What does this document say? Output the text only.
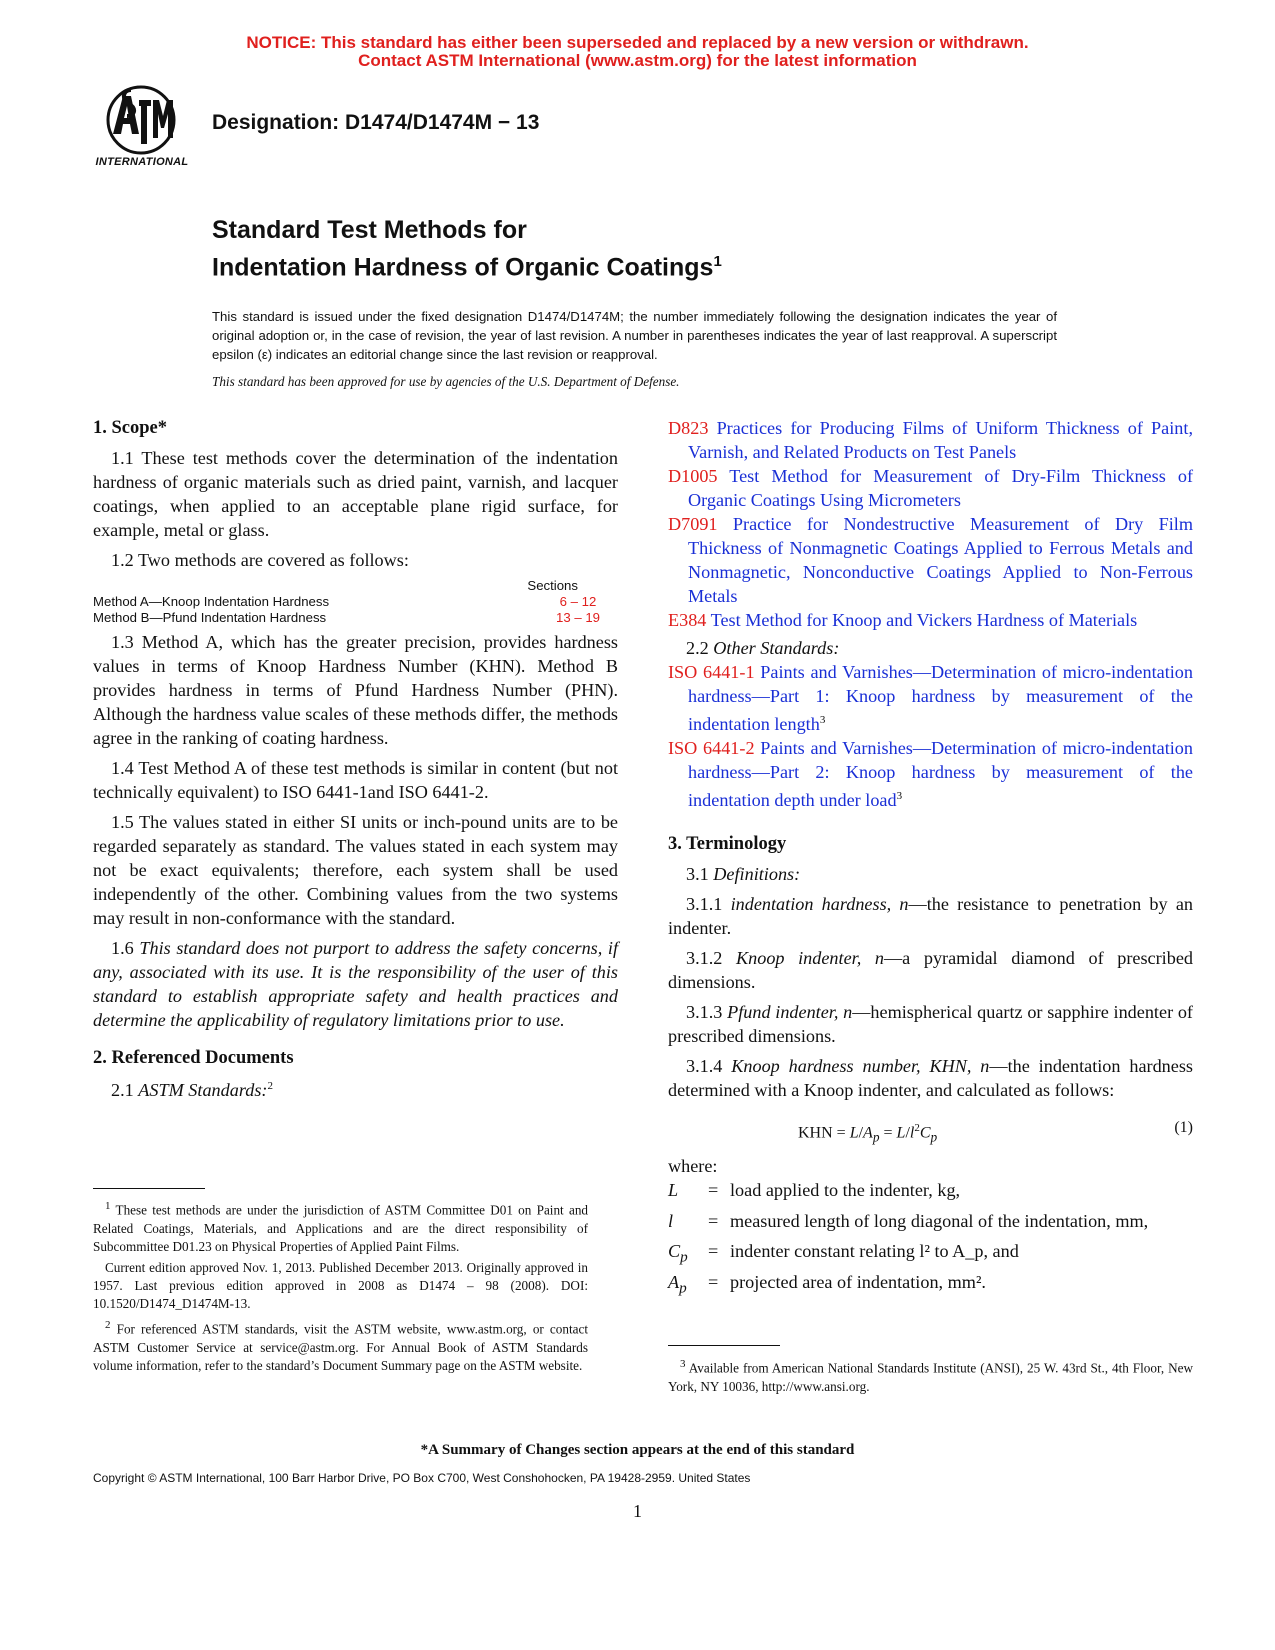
NOTICE: This standard has either been superseded and replaced by a new version or withdrawn.
Contact ASTM International (www.astm.org) for the latest information
INTERNATIONAL
Designation: D1474/D1474M − 13
Standard Test Methods for
Indentation Hardness of Organic Coatings$^1$
This standard is issued under the fixed designation D1474/D1474M; the number immediately following the designation indicates the year of original adoption or, in the case of revision, the year of last revision. A number in parentheses indicates the year of last reapproval. A superscript epsilon (ε) indicates an editorial change since the last revision or reapproval.
This standard has been approved for use by agencies of the U.S. Department of Defense.
1. Scope*

1.1 These test methods cover the determination of the indentation hardness of organic materials such as dried paint, varnish, and lacquer coatings, when applied to an acceptable plane rigid surface, for example, metal or glass.

1.2 Two methods are covered as follows:

Sections
Method A—Knoop Indentation Hardness	6 – 12
Method B—Pfund Indentation Hardness	13 – 19

1.3 Method A, which has the greater precision, provides hardness values in terms of Knoop Hardness Number (KHN). Method B provides hardness in terms of Pfund Hardness Number (PHN). Although the hardness value scales of these methods differ, the methods agree in the ranking of coating hardness.

1.4 Test Method A of these test methods is similar in content (but not technically equivalent) to ISO 6441-1and ISO 6441-2.

1.5 The values stated in either SI units or inch-pound units are to be regarded separately as standard. The values stated in each system may not be exact equivalents; therefore, each system shall be used independently of the other. Combining values from the two systems may result in non-conformance with the standard.

1.6 This standard does not purport to address the safety concerns, if any, associated with its use. It is the responsibility of the user of this standard to establish appropriate safety and health practices and determine the applicability of regulatory limitations prior to use.

2. Referenced Documents

2.1 ASTM Standards:$^2$

$^1$ These test methods are under the jurisdiction of ASTM Committee D01 on Paint and Related Coatings, Materials, and Applications and are the direct responsibility of Subcommittee D01.23 on Physical Properties of Applied Paint Films.

Current edition approved Nov. 1, 2013. Published December 2013. Originally approved in 1957. Last previous edition approved in 2008 as D1474 – 98 (2008). DOI: 10.1520/D1474_D1474M-13.

$^2$ For referenced ASTM standards, visit the ASTM website, www.astm.org, or contact ASTM Customer Service at service@astm.org. For Annual Book of ASTM Standards volume information, refer to the standard’s Document Summary page on the ASTM website.

D823 Practices for Producing Films of Uniform Thickness of Paint, Varnish, and Related Products on Test Panels

D1005 Test Method for Measurement of Dry-Film Thickness of Organic Coatings Using Micrometers

D7091 Practice for Nondestructive Measurement of Dry Film Thickness of Nonmagnetic Coatings Applied to Ferrous Metals and Nonmagnetic, Nonconductive Coatings Applied to Non-Ferrous Metals

E384 Test Method for Knoop and Vickers Hardness of Materials

2.2 Other Standards:

ISO 6441-1 Paints and Varnishes—Determination of micro-indentation hardness—Part 1: Knoop hardness by measurement of the indentation length$^3$

ISO 6441-2 Paints and Varnishes—Determination of micro-indentation hardness—Part 2: Knoop hardness by measurement of the indentation depth under load$^3$

3. Terminology

3.1 Definitions:

3.1.1 indentation hardness, n—the resistance to penetration by an indenter.

3.1.2 Knoop indenter, n—a pyramidal diamond of prescribed dimensions.

3.1.3 Pfund indenter, n—hemispherical quartz or sapphire indenter of prescribed dimensions.

3.1.4 Knoop hardness number, KHN, n—the indentation hardness determined with a Knoop indenter, and calculated as follows:

KHN = $L/A_p = L/l^2C_p$
(1)

where:

L	= load applied to the indenter, kg,
l	= measured length of long diagonal of the indentation, mm,
$C_p$	= indenter constant relating l² to A_p, and
$A_p$	= projected area of indentation, mm².

$^3$ Available from American National Standards Institute (ANSI), 25 W. 43rd St., 4th Floor, New York, NY 10036, http://www.ansi.org.

*A Summary of Changes section appears at the end of this standard
Copyright © ASTM International, 100 Barr Harbor Drive, PO Box C700, West Conshohocken, PA 19428-2959. United States
1
